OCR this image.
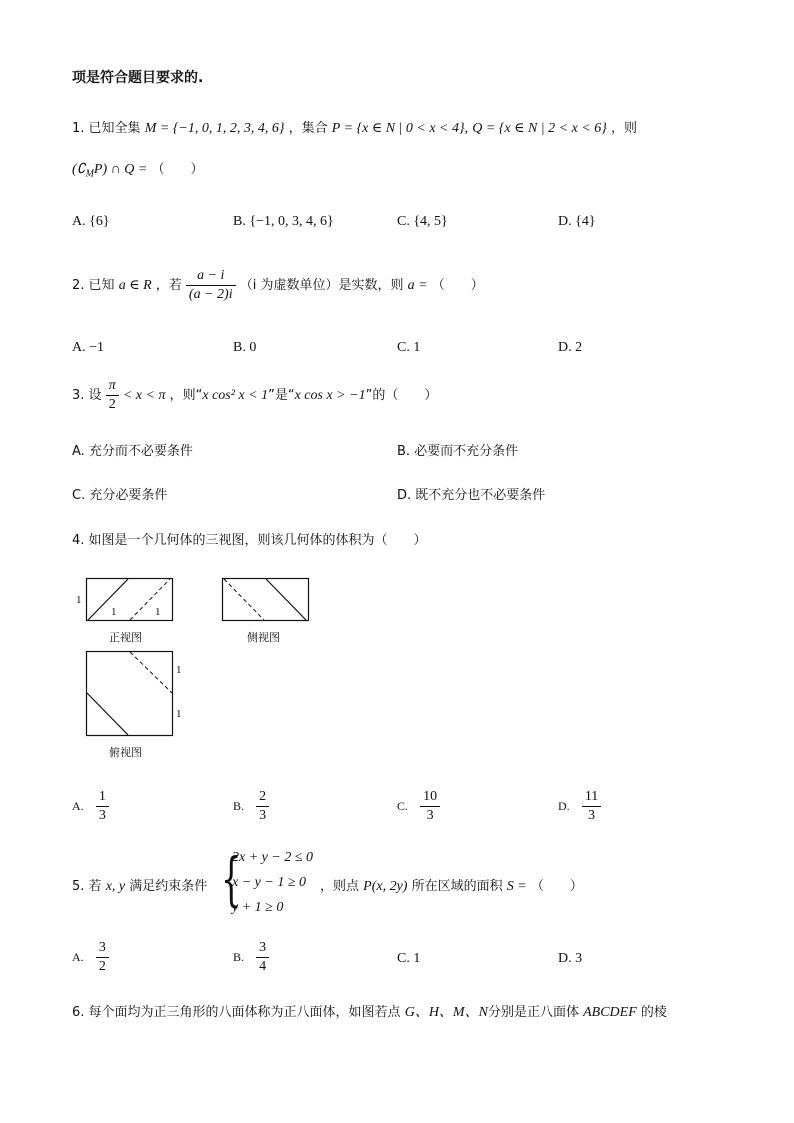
项是符合题目要求的.
1. 已知全集 M = {−1, 0, 1, 2, 3, 4, 6} ，集合 P = {x ∈ N | 0 < x < 4}, Q = {x ∈ N | 2 < x < 6} ，则
$(∁_MP)$ ∩ Q = （　　）
A. {6}	B. {−1, 0, 3, 4, 6}	C. {4, 5}	D. {4}
2. 已知 a ∈ R ，若 $\frac{a - i}{(a - 2)i} (i$ 为虚数单位）是实数，则 a = （　　）
A. −1	B. 0	C. 1	D. 2
3. 设 $\frac{\pi}{2} < x < \pi$ ，则“x cos² x < 1”是“x cos x > −1”的（　　）
A. 充分而不必要条件	B. 必要而不充分条件
C. 充分必要条件	D. 既不充分也不必要条件
4. 如图是一个几何体的三视图，则该几何体的体积为（　　）
1
1	1
正视图	侧视图
1
1
俯视图
A. $\frac{1}{3}$	B. $\frac{2}{3}$	C. $\frac{10}{3}$	D. $\frac{11}{3}$
5. 若 x, y 满足约束条件 {
2x + y − 2 ≤ 0
x − y − 1 ≥ 0
y + 1 ≥ 0
，则点 P(x, 2y) 所在区域的面积 S = （　　）
A. $\frac{3}{2}$	B. $\frac{3}{4}$	C. 1	D. 3
6. 每个面均为正三角形的八面体称为正八面体，如图若点 G、H、M、N分别是正八面体 ABCDEF 的棱
